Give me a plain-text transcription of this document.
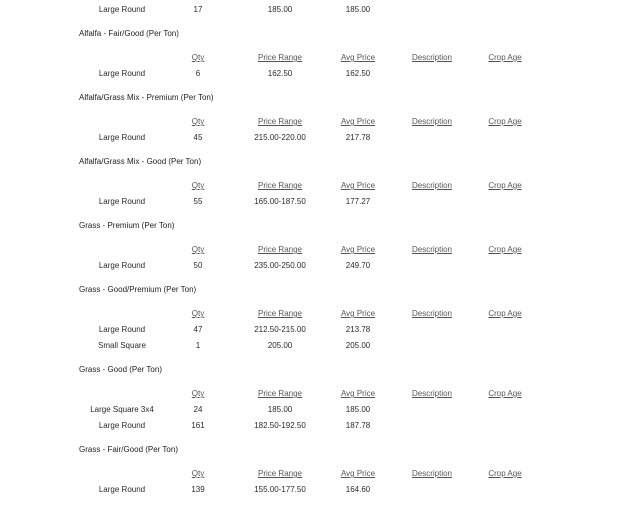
Large Round	17	185.00	185.00
Alfalfa - Fair/Good (Per Ton)
Qty	Price Range	Avg Price	Description	Crop Age
Large Round	6	162.50	162.50
Alfalfa/Grass Mix - Premium (Per Ton)
Qty	Price Range	Avg Price	Description	Crop Age
Large Round	45	215.00-220.00	217.78
Alfalfa/Grass Mix - Good (Per Ton)
Qty	Price Range	Avg Price	Description	Crop Age
Large Round	55	165.00-187.50	177.27
Grass - Premium (Per Ton)
Qty	Price Range	Avg Price	Description	Crop Age
Large Round	50	235.00-250.00	249.70
Grass - Good/Premium (Per Ton)
Qty	Price Range	Avg Price	Description	Crop Age
Large Round	47	212.50-215.00	213.78
Small Square	1	205.00	205.00
Grass - Good (Per Ton)
Qty	Price Range	Avg Price	Description	Crop Age
Large Square 3x4	24	185.00	185.00
Large Round	161	182.50-192.50	187.78
Grass - Fair/Good (Per Ton)
Qty	Price Range	Avg Price	Description	Crop Age
Large Round	139	155.00-177.50	164.60
